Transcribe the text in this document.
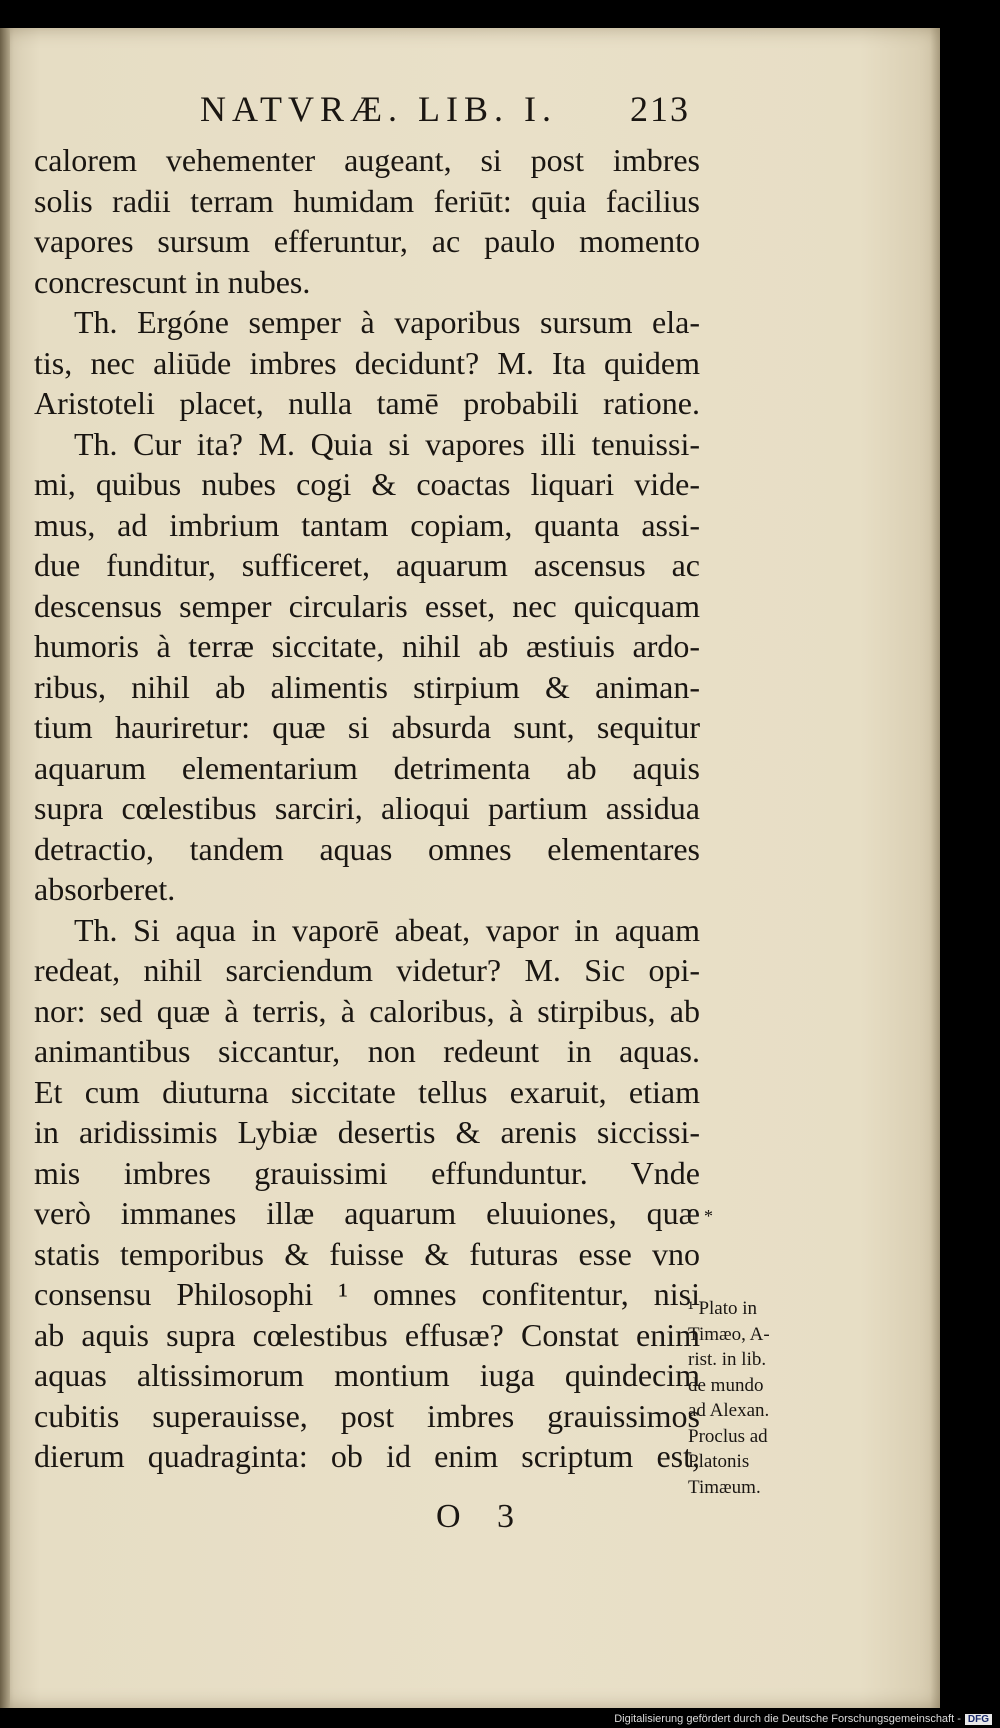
NATVRÆ. LIB. I.	213
calorem vehementer augeant, si post imbres
solis radii terram humidam feriūt: quia facilius
vapores sursum efferuntur, ac paulo momento
concrescunt in nubes.
Th. Ergóne semper à vaporibus sursum ela-
tis, nec aliūde imbres decidunt? M. Ita quidem
Aristoteli placet, nulla tamē probabili ratione.
Th. Cur ita? M. Quia si vapores illi tenuissi-
mi, quibus nubes cogi & coactas liquari vide-
mus, ad imbrium tantam copiam, quanta assi-
due funditur, sufficeret, aquarum ascensus ac
descensus semper circularis esset, nec quicquam
humoris à terræ siccitate, nihil ab æstiuis ardo-
ribus, nihil ab alimentis stirpium & animan-
tium hauriretur: quæ si absurda sunt, sequitur
aquarum elementarium detrimenta ab aquis
supra cœlestibus sarciri, alioqui partium assidua
detractio, tandem aquas omnes elementares
absorberet.
Th. Si aqua in vaporē abeat, vapor in aquam
redeat, nihil sarciendum videtur? M. Sic opi-
nor: sed quæ à terris, à caloribus, à stirpibus, ab
animantibus siccantur, non redeunt in aquas.
Et cum diuturna siccitate tellus exaruit, etiam
in aridissimis Lybiæ desertis & arenis siccissi-
mis imbres grauissimi effunduntur. Vnde
verò immanes illæ aquarum eluuiones, quæ
statis temporibus & fuisse & futuras esse vno
consensu Philosophi ¹ omnes confitentur, nisi
ab aquis supra cœlestibus effusæ? Constat enim
aquas altissimorum montium iuga quindecim
cubitis superauisse, post imbres grauissimos
dierum quadraginta: ob id enim scriptum est,
*
¹ Plato in
Timæo, A-
rist. in lib.
de mundo
ad Alexan.
Proclus ad
Platonis
Timæum.
O 3
Digitalisierung gefördert durch die Deutsche Forschungsgemeinschaft - DFG
